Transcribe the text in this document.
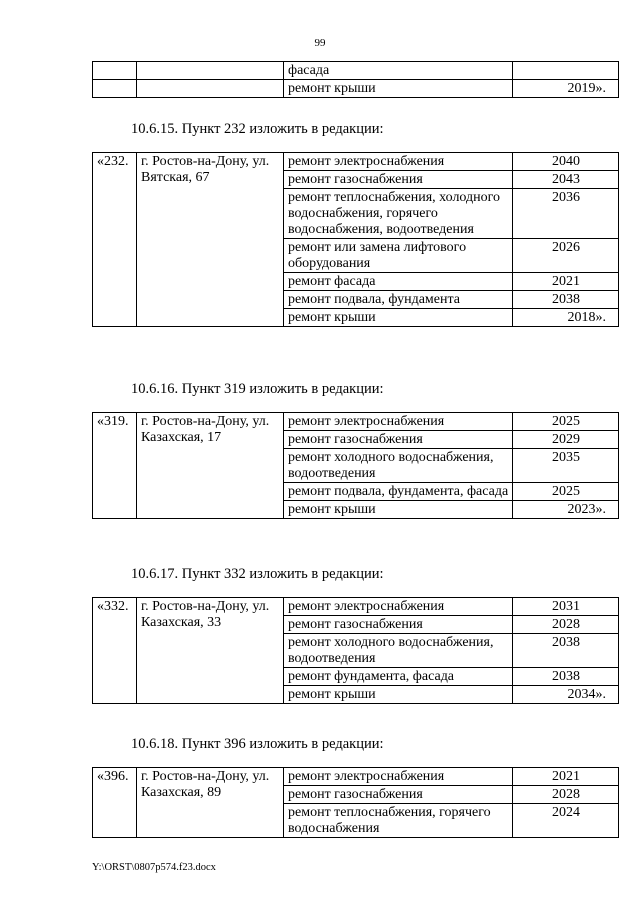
99
		фасада	
		ремонт крыши	2019».
10.6.15. Пункт 232 изложить в редакции:
«232.	г. Ростов-на-Дону, ул. Вятская, 67	ремонт электроснабжения	2040
		ремонт газоснабжения	2043
		ремонт теплоснабжения, холодного водоснабжения, горячего водоснабжения, водоотведения	2036
		ремонт или замена лифтового оборудования	2026
		ремонт фасада	2021
		ремонт подвала, фундамента	2038
		ремонт крыши	2018».
10.6.16. Пункт 319 изложить в редакции:
«319.	г. Ростов-на-Дону, ул. Казахская, 17	ремонт электроснабжения	2025
		ремонт газоснабжения	2029
		ремонт холодного водоснабжения, водоотведения	2035
		ремонт подвала, фундамента, фасада	2025
		ремонт крыши	2023».
10.6.17. Пункт 332 изложить в редакции:
«332.	г. Ростов-на-Дону, ул. Казахская, 33	ремонт электроснабжения	2031
		ремонт газоснабжения	2028
		ремонт холодного водоснабжения, водоотведения	2038
		ремонт фундамента, фасада	2038
		ремонт крыши	2034».
10.6.18. Пункт 396 изложить в редакции:
«396.	г. Ростов-на-Дону, ул. Казахская, 89	ремонт электроснабжения	2021
		ремонт газоснабжения	2028
		ремонт теплоснабжения, горячего водоснабжения	2024
Y:\ORST\0807p574.f23.docx
